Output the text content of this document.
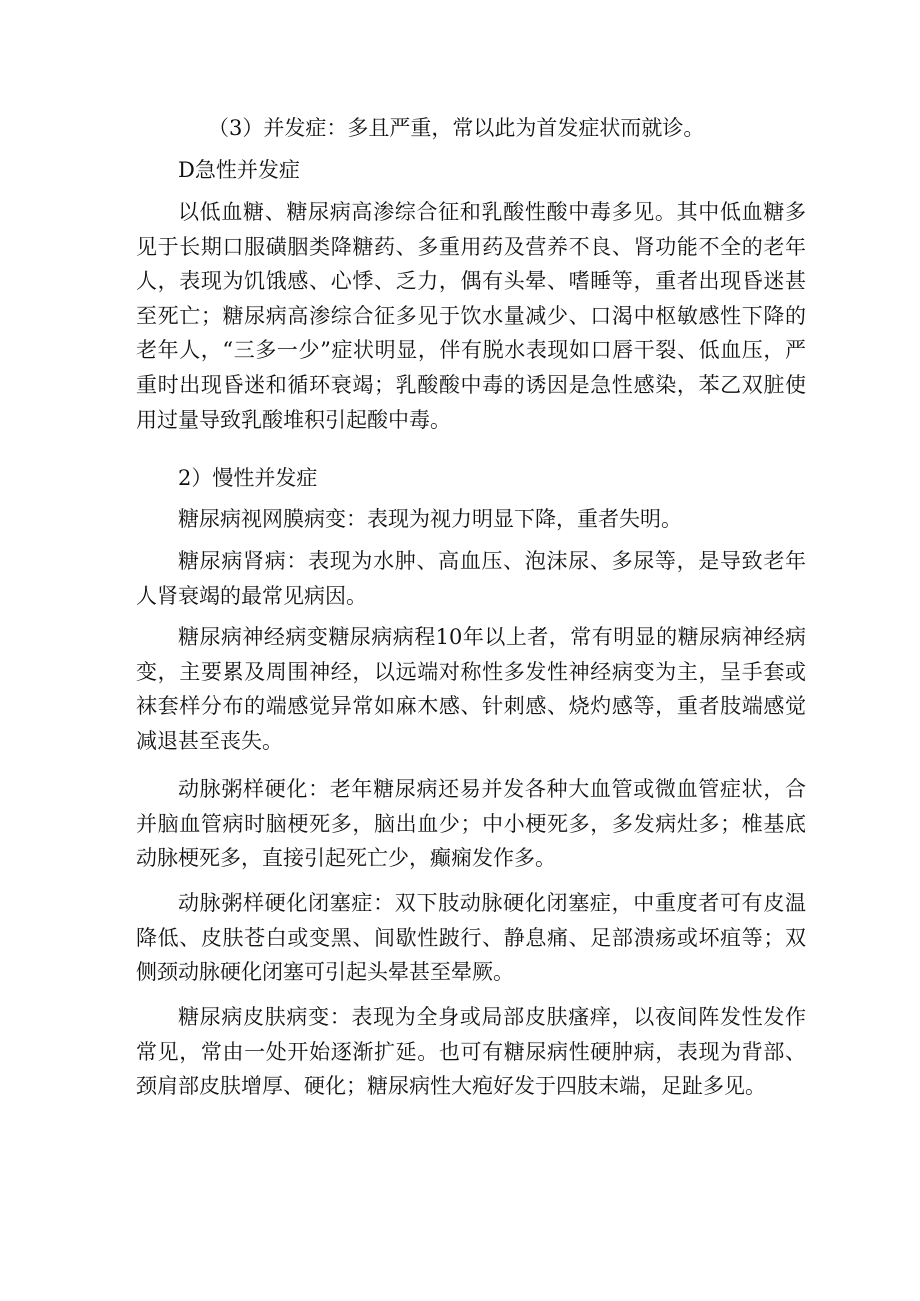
（3）并发症：多且严重，常以此为首发症状而就诊。

D急性并发症

以低血糖、糖尿病高渗综合征和乳酸性酸中毒多见。其中低血糖多见于长期口服磺胭类降糖药、多重用药及营养不良、肾功能不全的老年人，表现为饥饿感、心悸、乏力，偶有头晕、嗜睡等，重者出现昏迷甚至死亡；糖尿病高渗综合征多见于饮水量减少、口渴中枢敏感性下降的老年人，“三多一少”症状明显，伴有脱水表现如口唇干裂、低血压，严重时出现昏迷和循环衰竭；乳酸酸中毒的诱因是急性感染，苯乙双脏使用过量导致乳酸堆积引起酸中毒。

2）慢性并发症

糖尿病视网膜病变：表现为视力明显下降，重者失明。

糖尿病肾病：表现为水肿、高血压、泡沫尿、多尿等，是导致老年人肾衰竭的最常见病因。

糖尿病神经病变糖尿病病程10年以上者，常有明显的糖尿病神经病变，主要累及周围神经，以远端对称性多发性神经病变为主，呈手套或袜套样分布的端感觉异常如麻木感、针刺感、烧灼感等，重者肢端感觉减退甚至丧失。

动脉粥样硬化：老年糖尿病还易并发各种大血管或微血管症状，合并脑血管病时脑梗死多，脑出血少；中小梗死多，多发病灶多；椎基底动脉梗死多，直接引起死亡少，癫痫发作多。

动脉粥样硬化闭塞症：双下肢动脉硬化闭塞症，中重度者可有皮温降低、皮肤苍白或变黑、间歇性跛行、静息痛、足部溃疡或坏疽等；双侧颈动脉硬化闭塞可引起头晕甚至晕厥。

糖尿病皮肤病变：表现为全身或局部皮肤瘙痒，以夜间阵发性发作常见，常由一处开始逐渐扩延。也可有糖尿病性硬肿病，表现为背部、颈肩部皮肤增厚、硬化；糖尿病性大疱好发于四肢末端，足趾多见。
